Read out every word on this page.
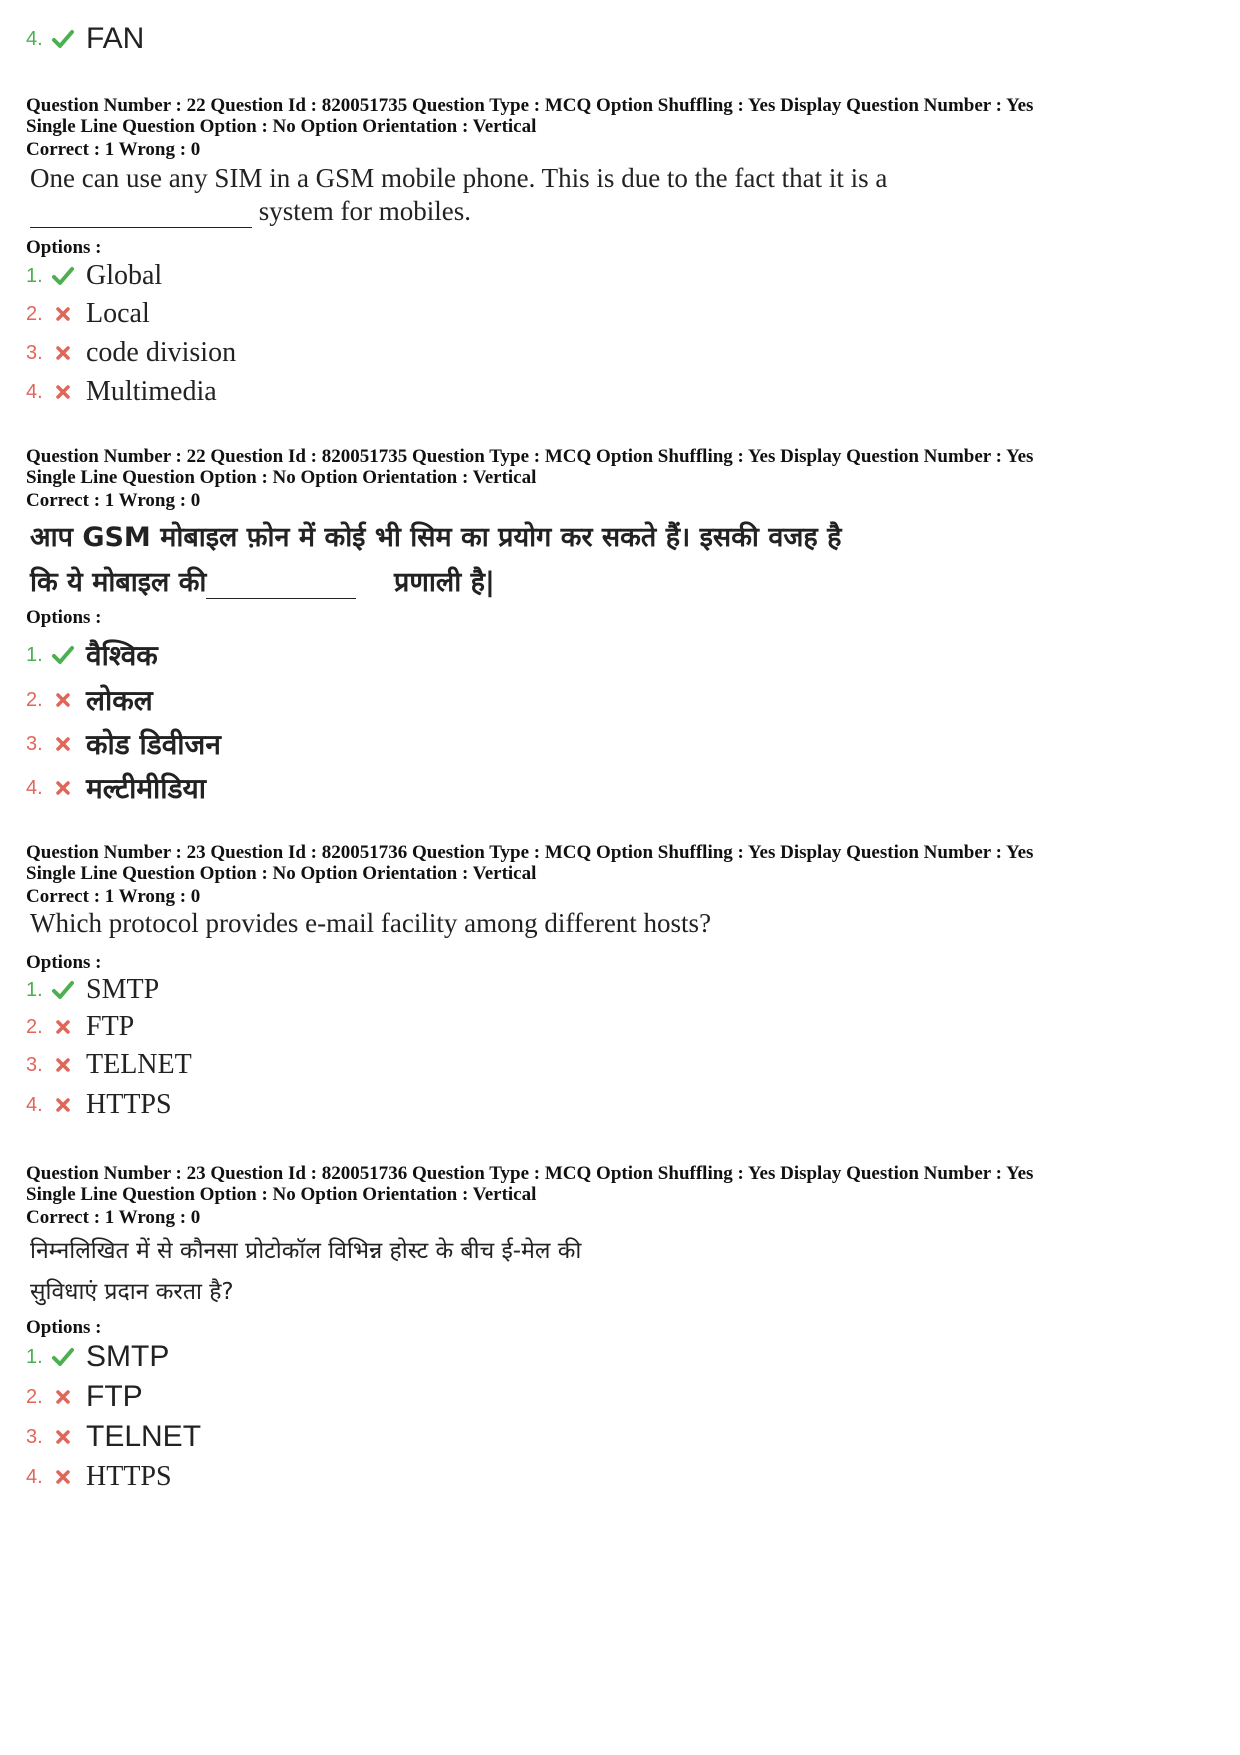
4. FAN
Question Number : 22 Question Id : 820051735 Question Type : MCQ Option Shuffling : Yes Display Question Number : Yes
Single Line Question Option : No Option Orientation : Vertical
Correct : 1 Wrong : 0
One can use any SIM in a GSM mobile phone. This is due to the fact that it is a
system for mobiles.
Options :
1. Global
2. Local
3. code division
4. Multimedia
Question Number : 22 Question Id : 820051735 Question Type : MCQ Option Shuffling : Yes Display Question Number : Yes
Single Line Question Option : No Option Orientation : Vertical
Correct : 1 Wrong : 0
आप GSM मोबाइल फ़ोन में कोई भी सिम का प्रयोग कर सकते हैं। इसकी वजह है
कि ये मोबाइल की	प्रणाली है|
Options :
1. वैश्विक
2. लोकल
3. कोड डिवीजन
4. मल्टीमीडिया
Question Number : 23 Question Id : 820051736 Question Type : MCQ Option Shuffling : Yes Display Question Number : Yes
Single Line Question Option : No Option Orientation : Vertical
Correct : 1 Wrong : 0
Which protocol provides e-mail facility among different hosts?
Options :
1. SMTP
2. FTP
3. TELNET
4. HTTPS
Question Number : 23 Question Id : 820051736 Question Type : MCQ Option Shuffling : Yes Display Question Number : Yes
Single Line Question Option : No Option Orientation : Vertical
Correct : 1 Wrong : 0
निम्नलिखित में से कौनसा प्रोटोकॉल विभिन्न होस्ट के बीच ई-मेल की
सुविधाएं प्रदान करता है?
Options :
1. SMTP
2. FTP
3. TELNET
4. HTTPS
